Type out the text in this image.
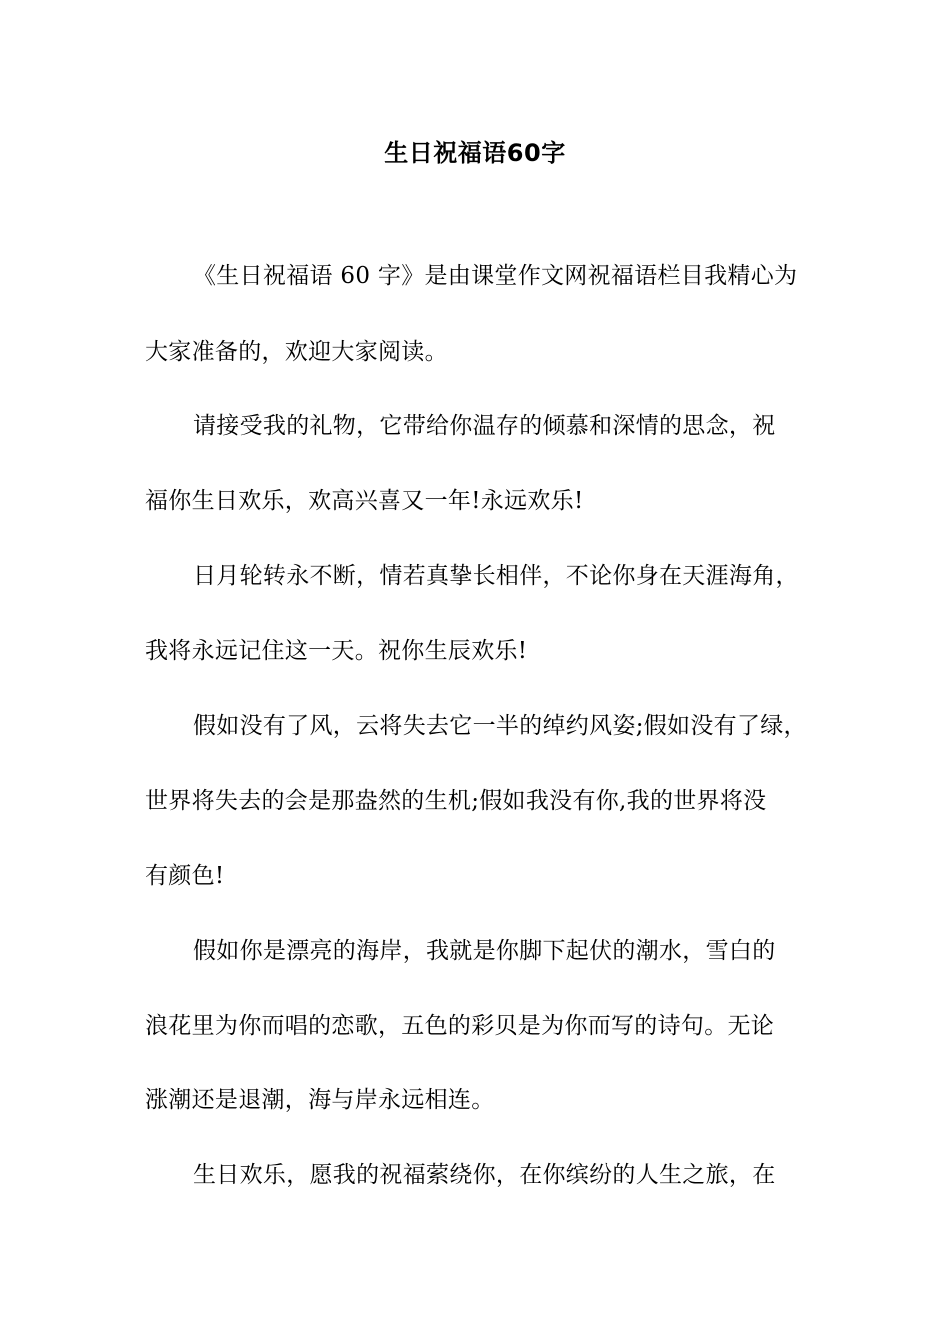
生日祝福语60字
《生日祝福语 60 字》是由课堂作文网祝福语栏目我精心为
大家准备的，欢迎大家阅读。
请接受我的礼物，它带给你温存的倾慕和深情的思念，祝
福你生日欢乐，欢高兴喜又一年!永远欢乐!
日月轮转永不断，情若真挚长相伴，不论你身在天涯海角，
我将永远记住这一天。祝你生辰欢乐!
假如没有了风，云将失去它一半的绰约风姿;假如没有了绿，
世界将失去的会是那盎然的生机;假如我没有你,我的世界将没
有颜色!
假如你是漂亮的海岸，我就是你脚下起伏的潮水，雪白的
浪花里为你而唱的恋歌，五色的彩贝是为你而写的诗句。无论
涨潮还是退潮，海与岸永远相连。
生日欢乐，愿我的祝福萦绕你，在你缤纷的人生之旅，在
